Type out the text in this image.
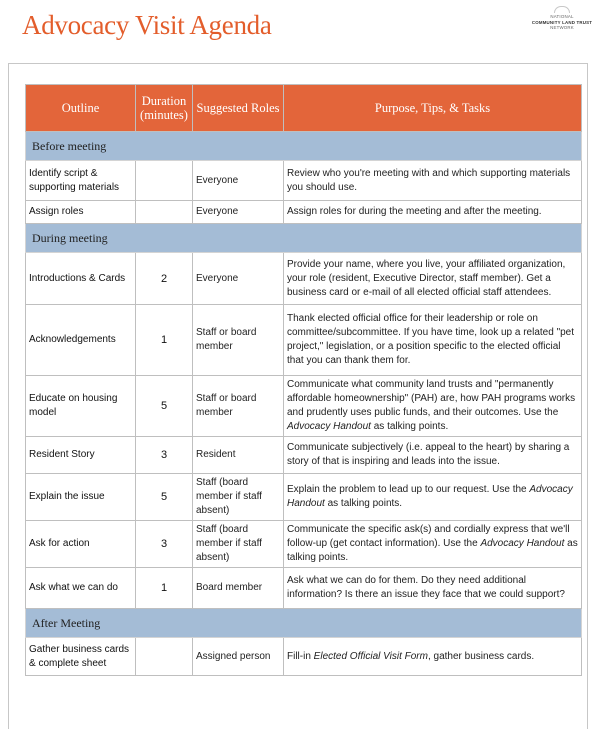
Advocacy Visit Agenda	NATIONAL
COMMUNITY LAND TRUST
NETWORK
Outline	Duration (minutes)	Suggested Roles	Purpose, Tips, & Tasks
Before meeting			
Identify script & supporting materials		Everyone	Review who you're meeting with and which supporting materials you should use.
Assign roles		Everyone	Assign roles for during the meeting and after the meeting.
During meeting			
Introductions & Cards	2	Everyone	Provide your name, where you live, your affiliated organization, your role (resident, Executive Director, staff member). Get a business card or e-mail of all elected official staff attendees.
Acknowledgements	1	Staff or board member	Thank elected official office for their leadership or role on committee/subcommittee. If you have time, look up a related "pet project," legislation, or a position specific to the elected official that you can thank them for.
Educate on housing model	5	Staff or board member	Communicate what community land trusts and "permanently affordable homeownership" (PAH) are, how PAH programs works and prudently uses public funds, and their outcomes. Use the Advocacy Handout as talking points.
Resident Story	3	Resident	Communicate subjectively (i.e. appeal to the heart) by sharing a story of that is inspiring and leads into the issue.
Explain the issue	5	Staff (board member if staff absent)	Explain the problem to lead up to our request. Use the Advocacy Handout as talking points.
Ask for action	3	Staff (board member if staff absent)	Communicate the specific ask(s) and cordially express that we'll follow-up (get contact information). Use the Advocacy Handout as talking points.
Ask what we can do	1	Board member	Ask what we can do for them. Do they need additional information? Is there an issue they face that we could support?
After Meeting			
Gather business cards & complete sheet		Assigned person	Fill-in Elected Official Visit Form, gather business cards.
